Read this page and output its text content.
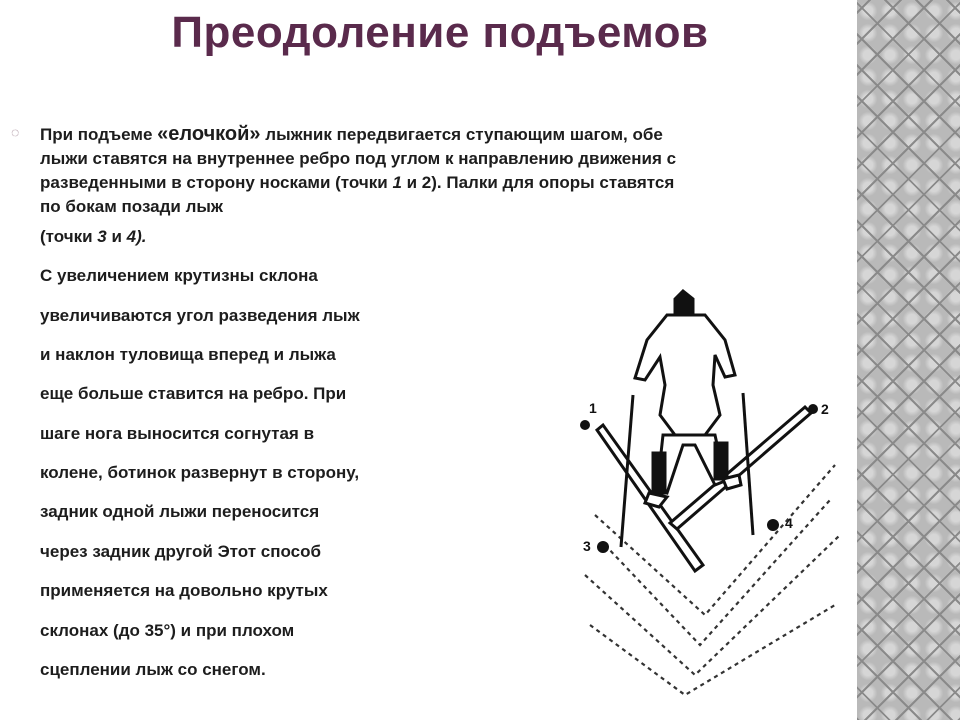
Преодоление подъемов
◌ При подъеме «елочкой» лыжник передвигается ступающим шагом, обе
лыжи ставятся на внутреннее ребро под углом к направлению движения с
разведенными в сторону носками (точки 1 и 2). Палки для опоры ставятся
по бокам позади лыж
(точки 3 и 4).
С увеличением крутизны склона
увеличиваются угол разведения лыж
и наклон туловища вперед и лыжа
еще больше ставится на ребро. При
шаге нога выносится согнутая в
колене, ботинок развернут в сторону,
задник одной лыжи переносится
через задник другой Этот способ
применяется на довольно крутых
склонах (до 35°) и при плохом
сцеплении лыж со снегом.
1	2
3
4
